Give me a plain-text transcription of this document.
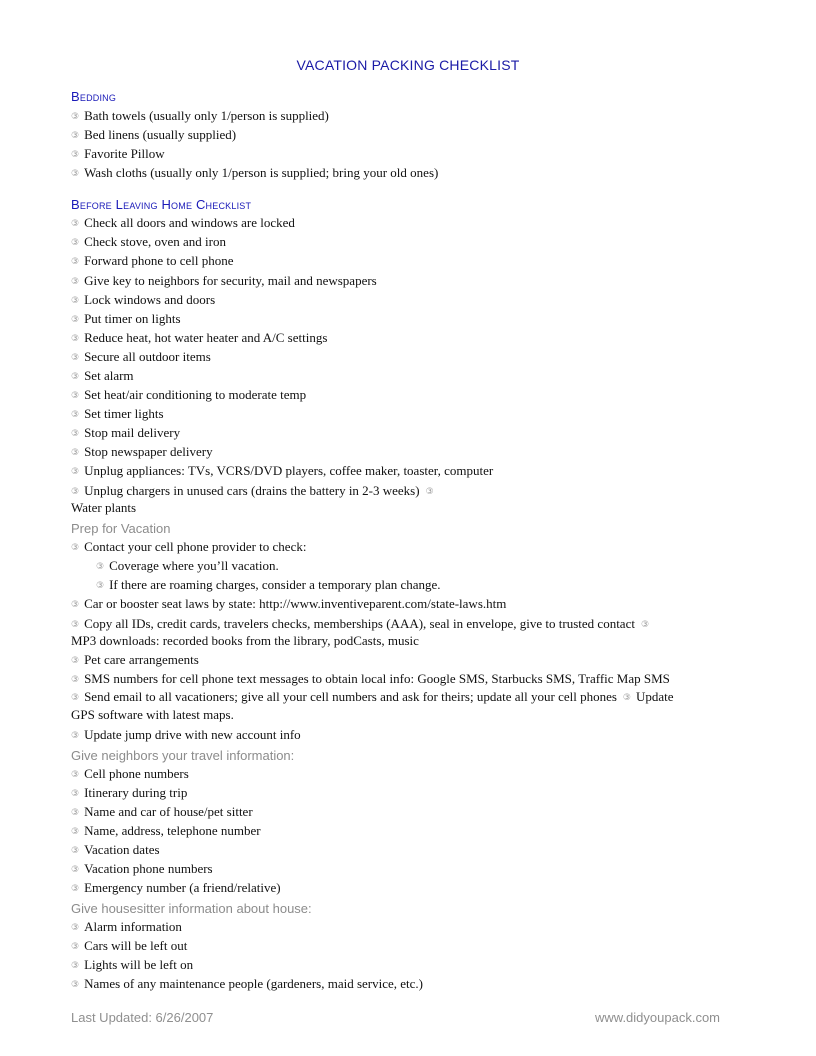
VACATION PACKING CHECKLIST
Bedding
③ Bath towels (usually only 1/person is supplied)
③ Bed linens (usually supplied)
③ Favorite Pillow
③ Wash cloths (usually only 1/person is supplied; bring your old ones)
Before Leaving Home Checklist
③ Check all doors and windows are locked
③ Check stove, oven and iron
③ Forward phone to cell phone
③ Give key to neighbors for security, mail and newspapers
③ Lock windows and doors
③ Put timer on lights
③ Reduce heat, hot water heater and A/C settings
③ Secure all outdoor items
③ Set alarm
③ Set heat/air conditioning to moderate temp
③ Set timer lights
③ Stop mail delivery
③ Stop newspaper delivery
③ Unplug appliances: TVs, VCRS/DVD players, coffee maker, toaster, computer
③ Unplug chargers in unused cars (drains the battery in 2-3 weeks) ③
Water plants
Prep for Vacation
③ Contact your cell phone provider to check:
③ Coverage where you’ll vacation.
③ If there are roaming charges, consider a temporary plan change.
③ Car or booster seat laws by state: http://www.inventiveparent.com/state-laws.htm
③ Copy all IDs, credit cards, travelers checks, memberships (AAA), seal in envelope, give to trusted contact ③
MP3 downloads: recorded books from the library, podCasts, music
③ Pet care arrangements
③ SMS numbers for cell phone text messages to obtain local info: Google SMS, Starbucks SMS, Traffic Map SMS
③ Send email to all vacationers; give all your cell numbers and ask for theirs; update all your cell phones ③ Update
GPS software with latest maps.
③ Update jump drive with new account info
Give neighbors your travel information:
③ Cell phone numbers
③ Itinerary during trip
③ Name and car of house/pet sitter
③ Name, address, telephone number
③ Vacation dates
③ Vacation phone numbers
③ Emergency number (a friend/relative)
Give housesitter information about house:
③ Alarm information
③ Cars will be left out
③ Lights will be left on
③ Names of any maintenance people (gardeners, maid service, etc.)
Last Updated: 6/26/2007	www.didyoupack.com
